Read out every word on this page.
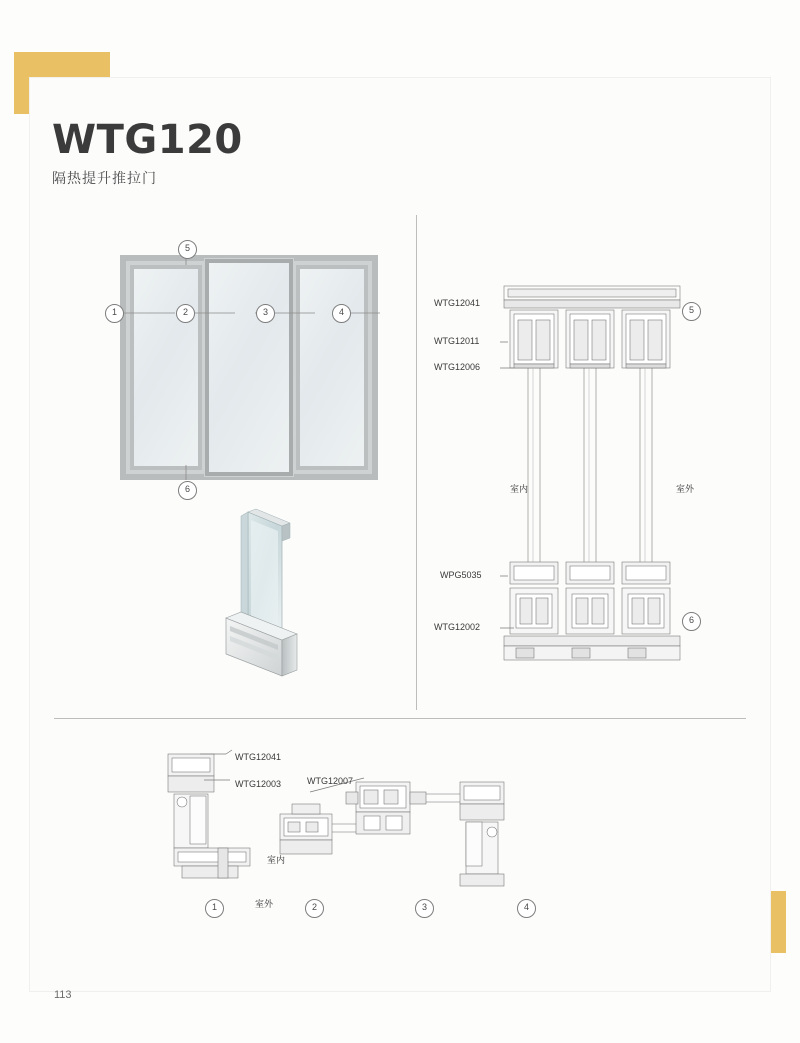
WTG120
隔热提升推拉门
5
1	2	3	4
6
WTG12041
WTG12011
WTG12006
WPG5035
WTG12002
5
6
室内	室外
WTG12041
WTG12003	WTG12007
室内
室外
1	2	3	4
113
